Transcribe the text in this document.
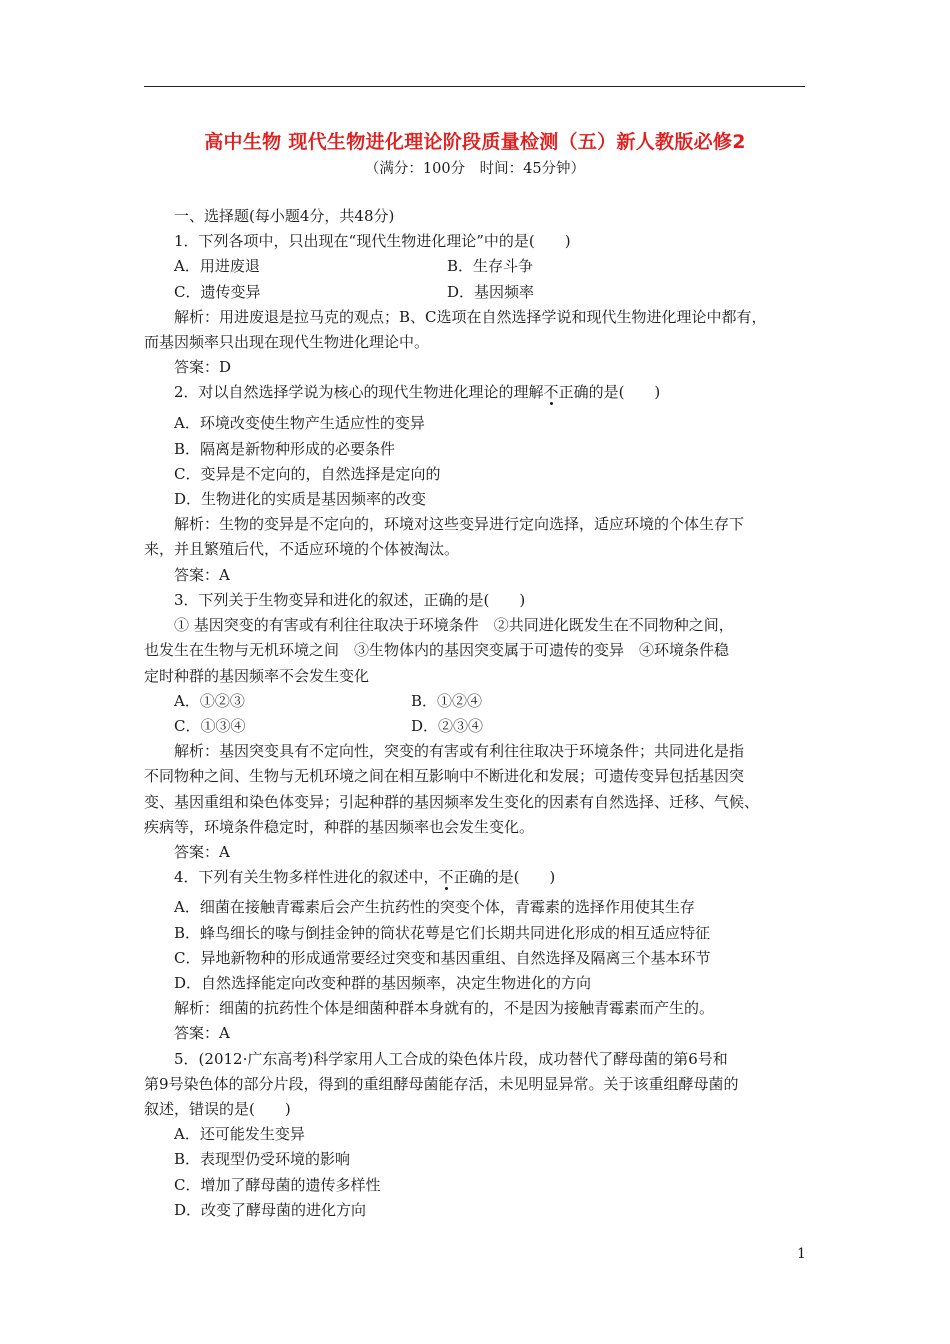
高中生物 现代生物进化理论阶段质量检测（五）新人教版必修2
（满分：100分　时间：45分钟）
一、选择题(每小题4分，共48分)
1．下列各项中，只出现在“现代生物进化理论”中的是(　　)
A．用进废退	B．生存斗争
C．遗传变异	D．基因频率
解析：用进废退是拉马克的观点；B、C选项在自然选择学说和现代生物进化理论中都有，
而基因频率只出现在现代生物进化理论中。
答案：D
2．对以自然选择学说为核心的现代生物进化理论的理解不正确的是(　　)
A．环境改变使生物产生适应性的变异
B．隔离是新物种形成的必要条件
C．变异是不定向的，自然选择是定向的
D．生物进化的实质是基因频率的改变
解析：生物的变异是不定向的，环境对这些变异进行定向选择，适应环境的个体生存下
来，并且繁殖后代，不适应环境的个体被淘汰。
答案：A
3．下列关于生物变异和进化的叙述，正确的是(　　)
① 基因突变的有害或有利往往取决于环境条件　②共同进化既发生在不同物种之间，
也发生在生物与无机环境之间　③生物体内的基因突变属于可遗传的变异　④环境条件稳
定时种群的基因频率不会发生变化
A．①②③	B．①②④
C．①③④	D．②③④
解析：基因突变具有不定向性，突变的有害或有利往往取决于环境条件；共同进化是指
不同物种之间、生物与无机环境之间在相互影响中不断进化和发展；可遗传变异包括基因突
变、基因重组和染色体变异；引起种群的基因频率发生变化的因素有自然选择、迁移、气候、
疾病等，环境条件稳定时，种群的基因频率也会发生变化。
答案：A
4．下列有关生物多样性进化的叙述中，不正确的是(　　)
A．细菌在接触青霉素后会产生抗药性的突变个体，青霉素的选择作用使其生存
B．蜂鸟细长的喙与倒挂金钟的筒状花萼是它们长期共同进化形成的相互适应特征
C．异地新物种的形成通常要经过突变和基因重组、自然选择及隔离三个基本环节
D．自然选择能定向改变种群的基因频率，决定生物进化的方向
解析：细菌的抗药性个体是细菌种群本身就有的，不是因为接触青霉素而产生的。
答案：A
5．(2012·广东高考)科学家用人工合成的染色体片段，成功替代了酵母菌的第6号和
第9号染色体的部分片段，得到的重组酵母菌能存活，未见明显异常。关于该重组酵母菌的
叙述，错误的是(　　)
A．还可能发生变异
B．表现型仍受环境的影响
C．增加了酵母菌的遗传多样性
D．改变了酵母菌的进化方向
1
